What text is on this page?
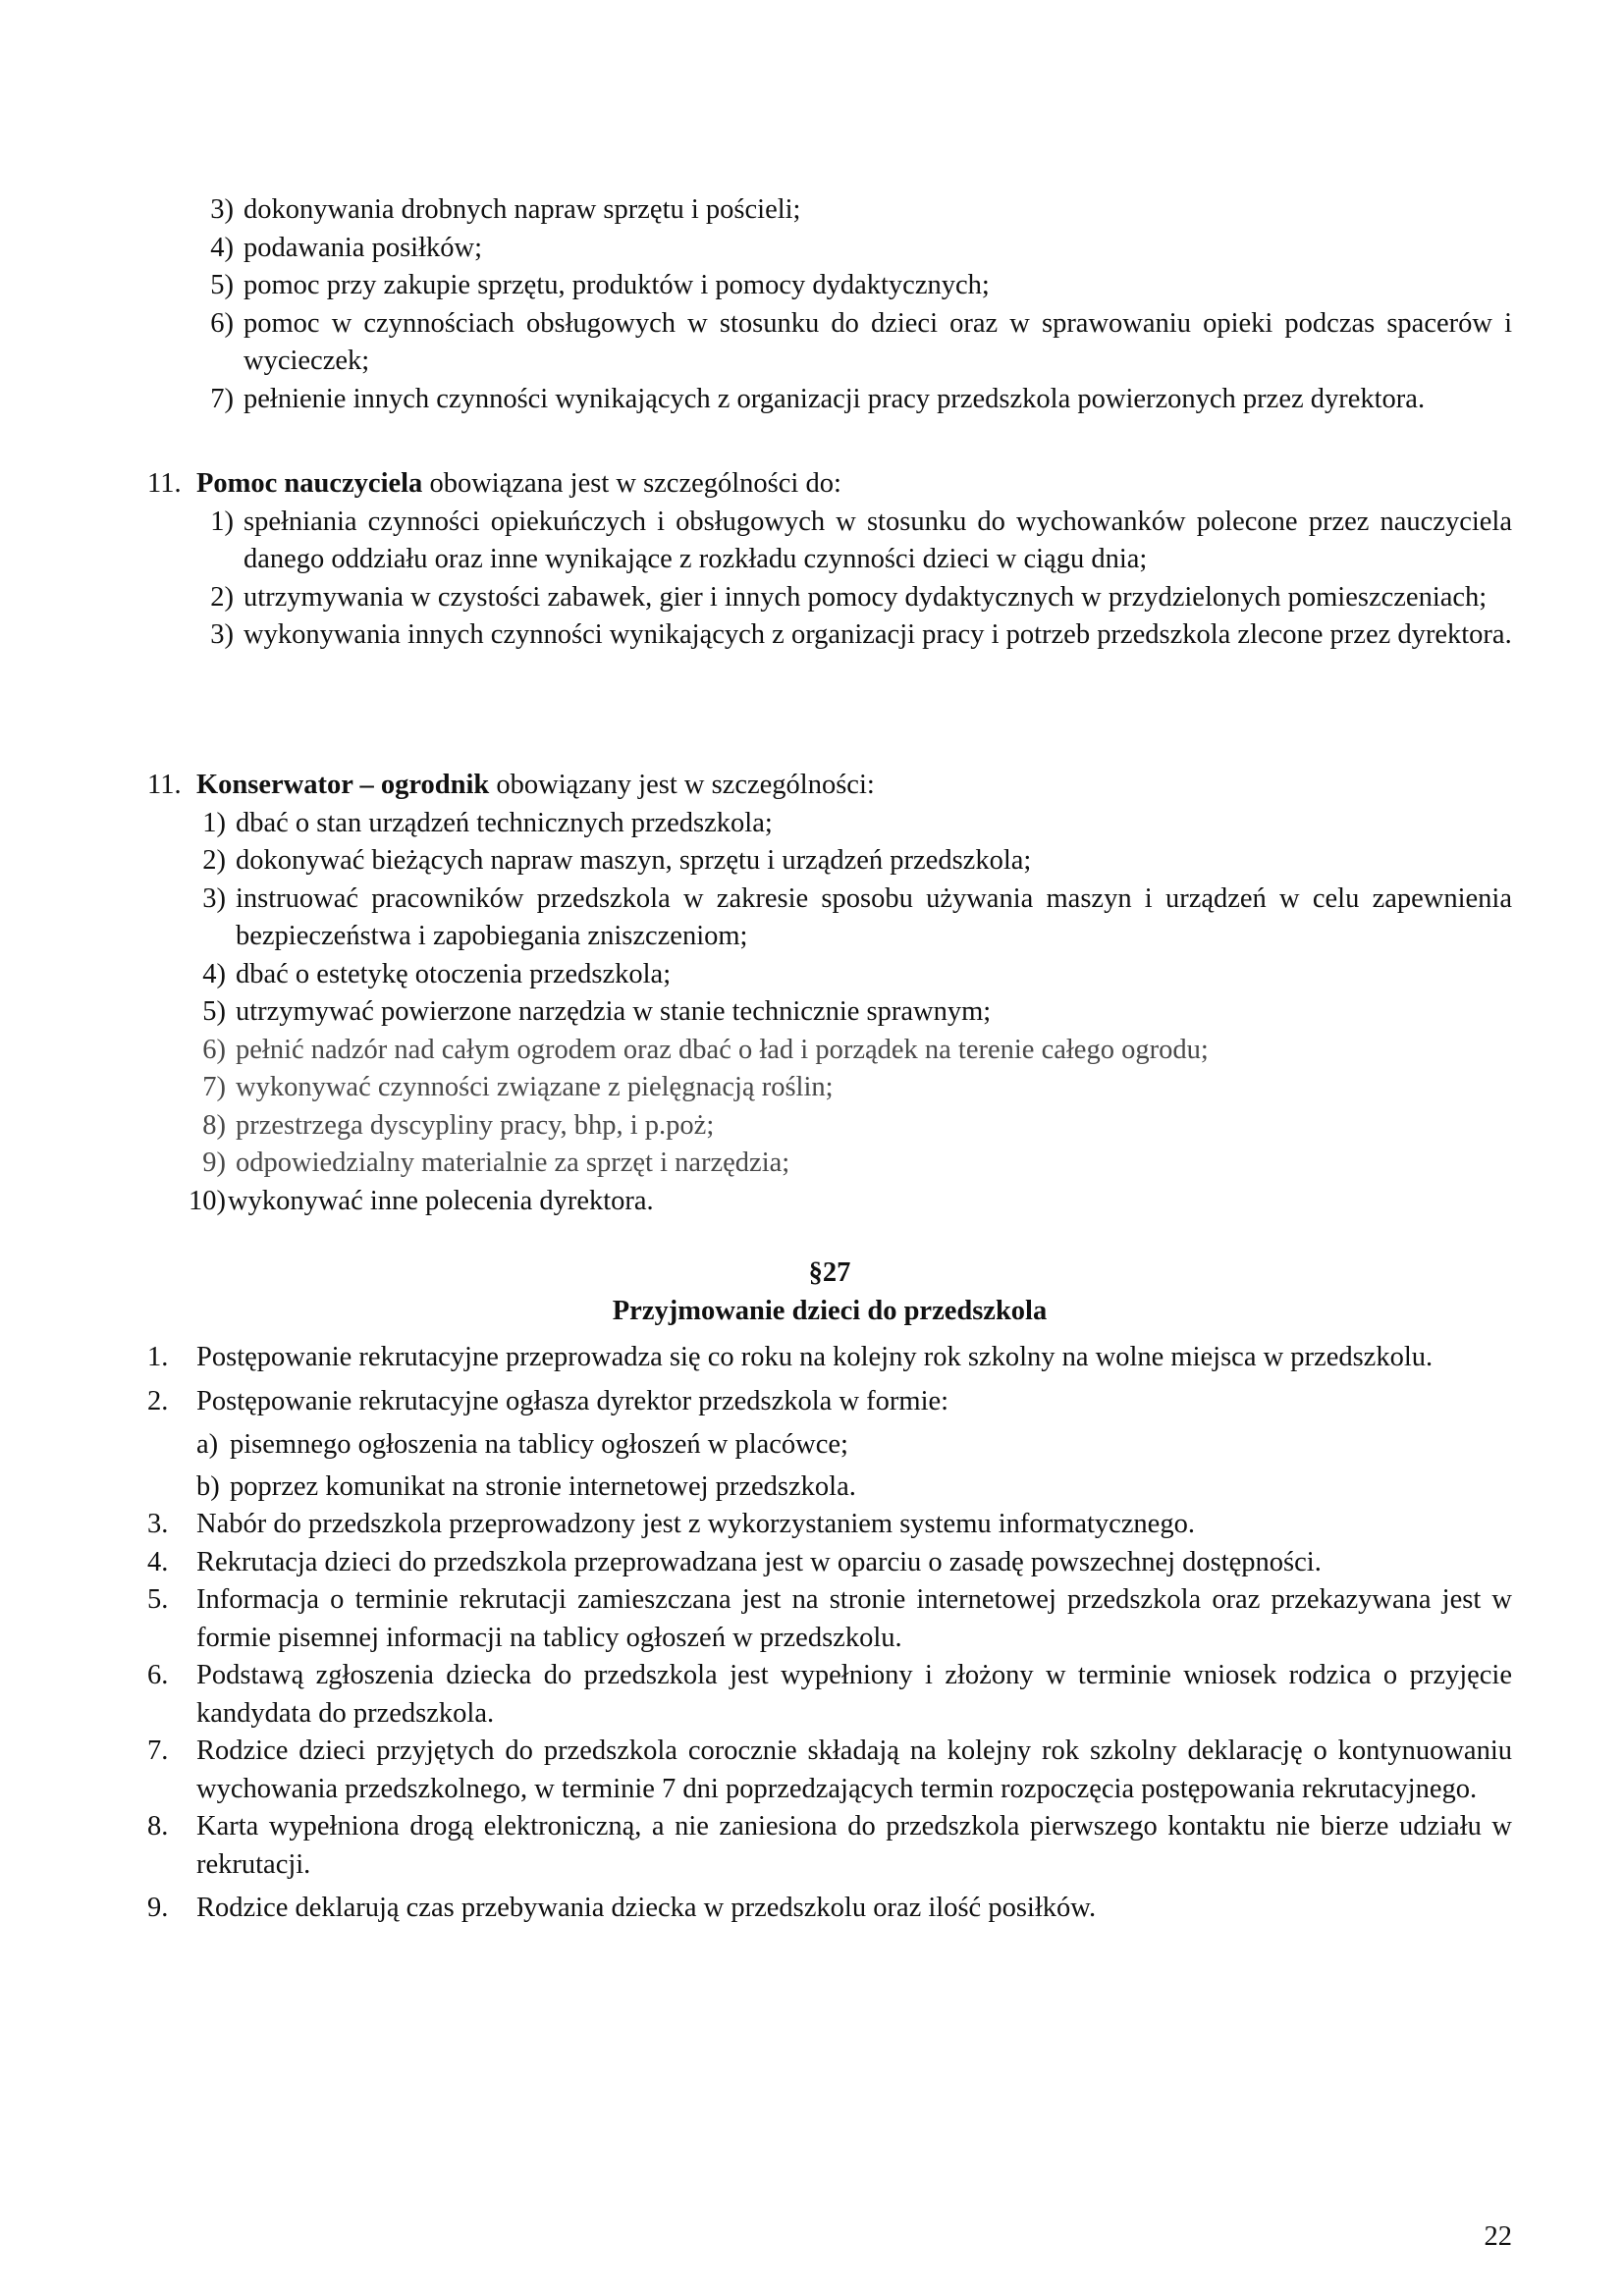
3) dokonywania drobnych napraw sprzętu i pościeli;
4) podawania posiłków;
5) pomoc przy zakupie sprzętu, produktów i pomocy dydaktycznych;
6) pomoc w czynnościach obsługowych w stosunku do dzieci oraz w sprawowaniu opieki podczas spacerów i wycieczek;
7) pełnienie innych czynności wynikających z organizacji pracy przedszkola powierzonych przez dyrektora.
11. Pomoc nauczyciela obowiązana jest w szczególności do:
1) spełniania czynności opiekuńczych i obsługowych w stosunku do wychowanków polecone przez nauczyciela danego oddziału oraz inne wynikające z rozkładu czynności dzieci w ciągu dnia;
2) utrzymywania w czystości zabawek, gier i innych pomocy dydaktycznych w przydzielonych pomieszczeniach;
3) wykonywania innych czynności wynikających z organizacji pracy i potrzeb przedszkola zlecone przez dyrektora.
11. Konserwator – ogrodnik obowiązany jest w szczególności:
1) dbać o stan urządzeń technicznych przedszkola;
2) dokonywać bieżących napraw maszyn, sprzętu i urządzeń przedszkola;
3) instruować pracowników przedszkola w zakresie sposobu używania maszyn i urządzeń w celu zapewnienia bezpieczeństwa i zapobiegania zniszczeniom;
4) dbać o estetykę otoczenia przedszkola;
5) utrzymywać powierzone narzędzia w stanie technicznie sprawnym;
6) pełnić nadzór nad całym ogrodem oraz dbać o ład i porządek na terenie całego ogrodu;
7) wykonywać czynności związane z pielęgnacją roślin;
8) przestrzega dyscypliny pracy, bhp, i p.poż;
9) odpowiedzialny materialnie za sprzęt i narzędzia;
10) wykonywać inne polecenia dyrektora.
§27
Przyjmowanie dzieci do przedszkola
1.	Postępowanie rekrutacyjne przeprowadza się co roku na kolejny rok szkolny na wolne miejsca w przedszkolu.
2.	Postępowanie rekrutacyjne ogłasza dyrektor przedszkola w formie:
a) pisemnego ogłoszenia na tablicy ogłoszeń w placówce;
b) poprzez komunikat na stronie internetowej przedszkola.
3.	Nabór do przedszkola przeprowadzony jest z wykorzystaniem systemu informatycznego.
4.	Rekrutacja dzieci do przedszkola przeprowadzana jest w oparciu o zasadę powszechnej dostępności.
5.	Informacja o terminie rekrutacji zamieszczana jest na stronie internetowej przedszkola oraz przekazywana jest w formie pisemnej informacji na tablicy ogłoszeń w przedszkolu.
6.	Podstawą zgłoszenia dziecka do przedszkola jest wypełniony i złożony w terminie wniosek rodzica o przyjęcie kandydata do przedszkola.
7.	Rodzice dzieci przyjętych do przedszkola corocznie składają na kolejny rok szkolny deklarację o kontynuowaniu wychowania przedszkolnego, w terminie 7 dni poprzedzających termin rozpoczęcia postępowania rekrutacyjnego.
8.	Karta wypełniona drogą elektroniczną, a nie zaniesiona do przedszkola pierwszego kontaktu nie bierze udziału w rekrutacji.
9.	Rodzice deklarują czas przebywania dziecka w przedszkolu oraz ilość posiłków.
22
